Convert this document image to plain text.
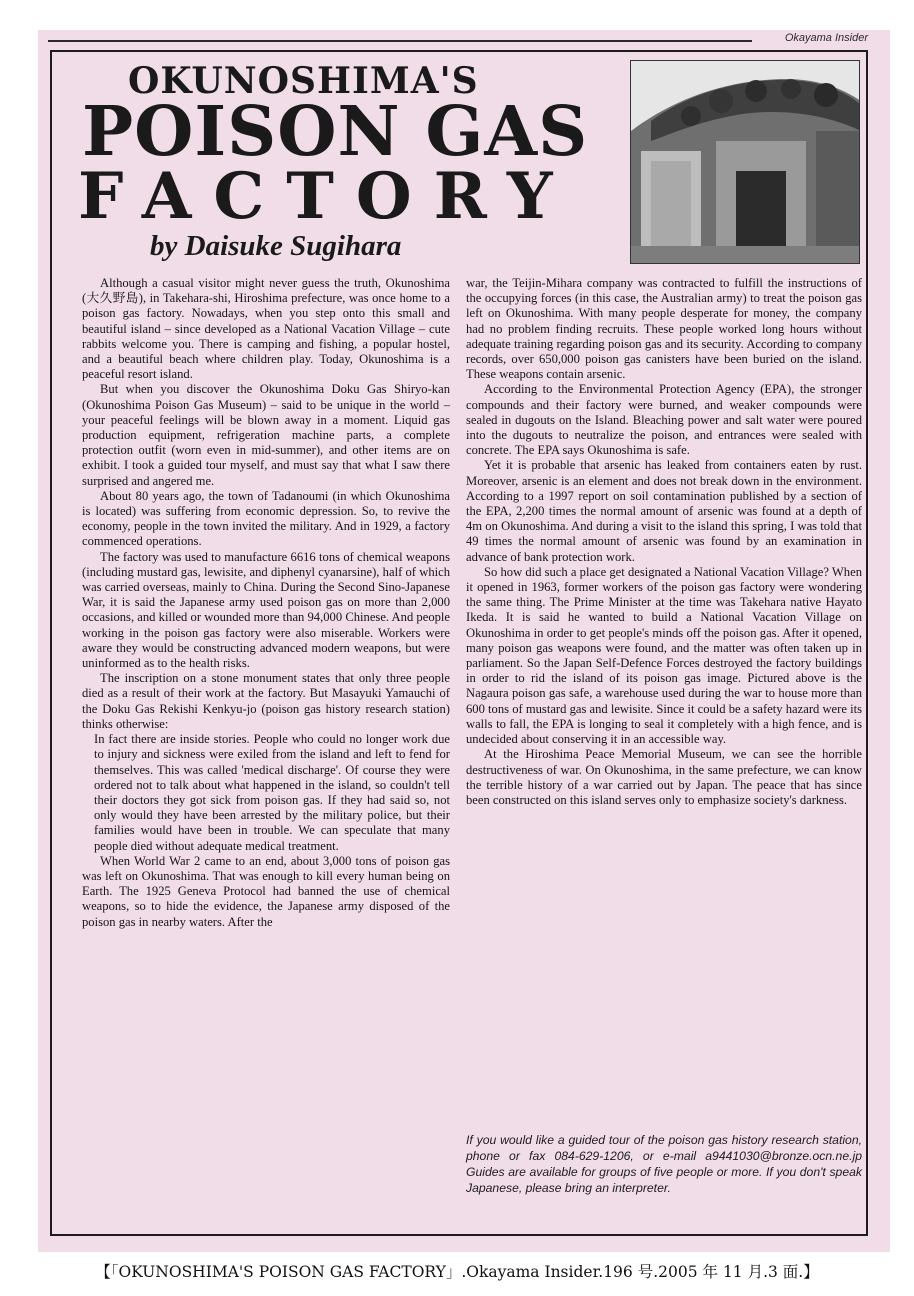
Okayama Insider
OKUNOSHIMA'S
POISON GAS
FACTORY
by Daisuke Sugihara

Although a casual visitor might never guess the truth, Okunoshima (大久野島), in Takehara-shi, Hiroshima prefecture, was once home to a poison gas factory. Nowadays, when you step onto this small and beautiful island – since developed as a National Vacation Village – cute rabbits welcome you. There is camping and fishing, a popular hostel, and a beautiful beach where children play. Today, Okunoshima is a peaceful resort island.

But when you discover the Okunoshima Doku Gas Shiryo-kan (Okunoshima Poison Gas Museum) – said to be unique in the world – your peaceful feelings will be blown away in a moment. Liquid gas production equipment, refrigeration machine parts, a complete protection outfit (worn even in mid-summer), and other items are on exhibit. I took a guided tour myself, and must say that what I saw there surprised and angered me.

About 80 years ago, the town of Tadanoumi (in which Okunoshima is located) was suffering from economic depression. So, to revive the economy, people in the town invited the military. And in 1929, a factory commenced operations.

The factory was used to manufacture 6616 tons of chemical weapons (including mustard gas, lewisite, and diphenyl cyanarsine), half of which was carried overseas, mainly to China. During the Second Sino-Japanese War, it is said the Japanese army used poison gas on more than 2,000 occasions, and killed or wounded more than 94,000 Chinese. And people working in the poison gas factory were also miserable. Workers were aware they would be constructing advanced modern weapons, but were uninformed as to the health risks.

The inscription on a stone monument states that only three people died as a result of their work at the factory. But Masayuki Yamauchi of the Doku Gas Rekishi Kenkyu-jo (poison gas history research station) thinks otherwise:

In fact there are inside stories. People who could no longer work due to injury and sickness were exiled from the island and left to fend for themselves. This was called 'medical discharge'. Of course they were ordered not to talk about what happened in the island, so couldn't tell their doctors they got sick from poison gas. If they had said so, not only would they have been arrested by the military police, but their families would have been in trouble. We can speculate that many people died without adequate medical treatment.

When World War 2 came to an end, about 3,000 tons of poison gas was left on Okunoshima. That was enough to kill every human being on Earth. The 1925 Geneva Protocol had banned the use of chemical weapons, so to hide the evidence, the Japanese army disposed of the poison gas in nearby waters. After the

war, the Teijin-Mihara company was contracted to fulfill the instructions of the occupying forces (in this case, the Australian army) to treat the poison gas left on Okunoshima. With many people desperate for money, the company had no problem finding recruits. These people worked long hours without adequate training regarding poison gas and its security. According to company records, over 650,000 poison gas canisters have been buried on the island. These weapons contain arsenic.

According to the Environmental Protection Agency (EPA), the stronger compounds and their factory were burned, and weaker compounds were sealed in dugouts on the Island. Bleaching power and salt water were poured into the dugouts to neutralize the poison, and entrances were sealed with concrete. The EPA says Okunoshima is safe.

Yet it is probable that arsenic has leaked from containers eaten by rust. Moreover, arsenic is an element and does not break down in the environment. According to a 1997 report on soil contamination published by a section of the EPA, 2,200 times the normal amount of arsenic was found at a depth of 4m on Okunoshima. And during a visit to the island this spring, I was told that 49 times the normal amount of arsenic was found by an examination in advance of bank protection work.

So how did such a place get designated a National Vacation Village? When it opened in 1963, former workers of the poison gas factory were wondering the same thing. The Prime Minister at the time was Takehara native Hayato Ikeda. It is said he wanted to build a National Vacation Village on Okunoshima in order to get people's minds off the poison gas. After it opened, many poison gas weapons were found, and the matter was often taken up in parliament. So the Japan Self-Defence Forces destroyed the factory buildings in order to rid the island of its poison gas image. Pictured above is the Nagaura poison gas safe, a warehouse used during the war to house more than 600 tons of mustard gas and lewisite. Since it could be a safety hazard were its walls to fall, the EPA is longing to seal it completely with a high fence, and is undecided about conserving it in an accessible way.

At the Hiroshima Peace Memorial Museum, we can see the horrible destructiveness of war. On Okunoshima, in the same prefecture, we can know the terrible history of a war carried out by Japan. The peace that has since been constructed on this island serves only to emphasize society's darkness.

If you would like a guided tour of the poison gas history research station, phone or fax 084-629-1206, or e-mail a9441030@bronze.ocn.ne.jp Guides are available for groups of five people or more. If you don't speak Japanese, please bring an interpreter.
【「OKUNOSHIMA'S POISON GAS FACTORY」.Okayama Insider.196 号.2005 年 11 月.3 面.】
